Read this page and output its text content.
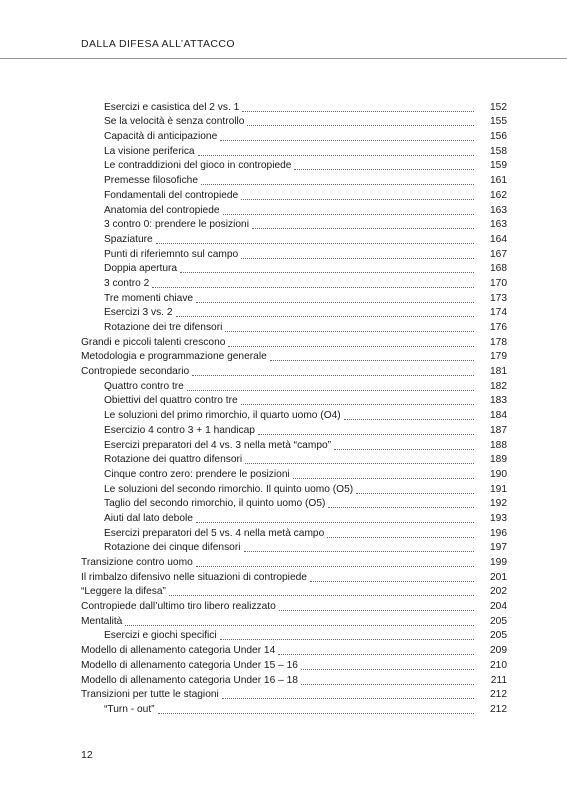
DALLA DIFESA ALL’ATTACCO
Esercizi e casistica del 2 vs. 1	152
Se la velocità è senza controllo	155
Capacità di anticipazione	156
La visione periferica	158
Le contraddizioni del gioco in contropiede	159
Premesse filosofiche	161
Fondamentali del contropiede	162
Anatomia del contropiede	163
3 contro 0: prendere le posizioni	163
Spaziature	164
Punti di riferiemnto sul campo	167
Doppia apertura	168
3 contro 2	170
Tre momenti chiave	173
Esercizi 3 vs. 2	174
Rotazione dei tre difensori	176
Grandi e piccoli talenti crescono	178
Metodologia e programmazione generale	179
Contropiede secondario	181
Quattro contro tre	182
Obiettivi del quattro contro tre	183
Le soluzioni del primo rimorchio, il quarto uomo (O4)	184
Esercizio 4 contro 3 + 1 handicap	187
Esercizi preparatori del 4 vs. 3 nella metà “campo”	188
Rotazione dei quattro difensori	189
Cinque contro zero: prendere le posizioni	190
Le soluzioni del secondo rimorchio. Il quinto uomo (O5)	191
Taglio del secondo rimorchio, il quinto uomo (O5)	192
Aiuti dal lato debole	193
Esercizi preparatori del 5 vs. 4 nella metà campo	196
Rotazione dei cinque difensori	197
Transizione contro uomo	199
Il rimbalzo difensivo nelle situazioni di contropiede	201
“Leggere la difesa”	202
Contropiede dall’ultimo tiro libero realizzato	204
Mentalità	205
Esercizi e giochi specifici	205
Modello di allenamento categoria Under 14	209
Modello di allenamento categoria Under 15 – 16	210
Modello di allenamento categoria Under 16 – 18	211
Transizioni per tutte le stagioni	212
“Turn - out”	212
12
